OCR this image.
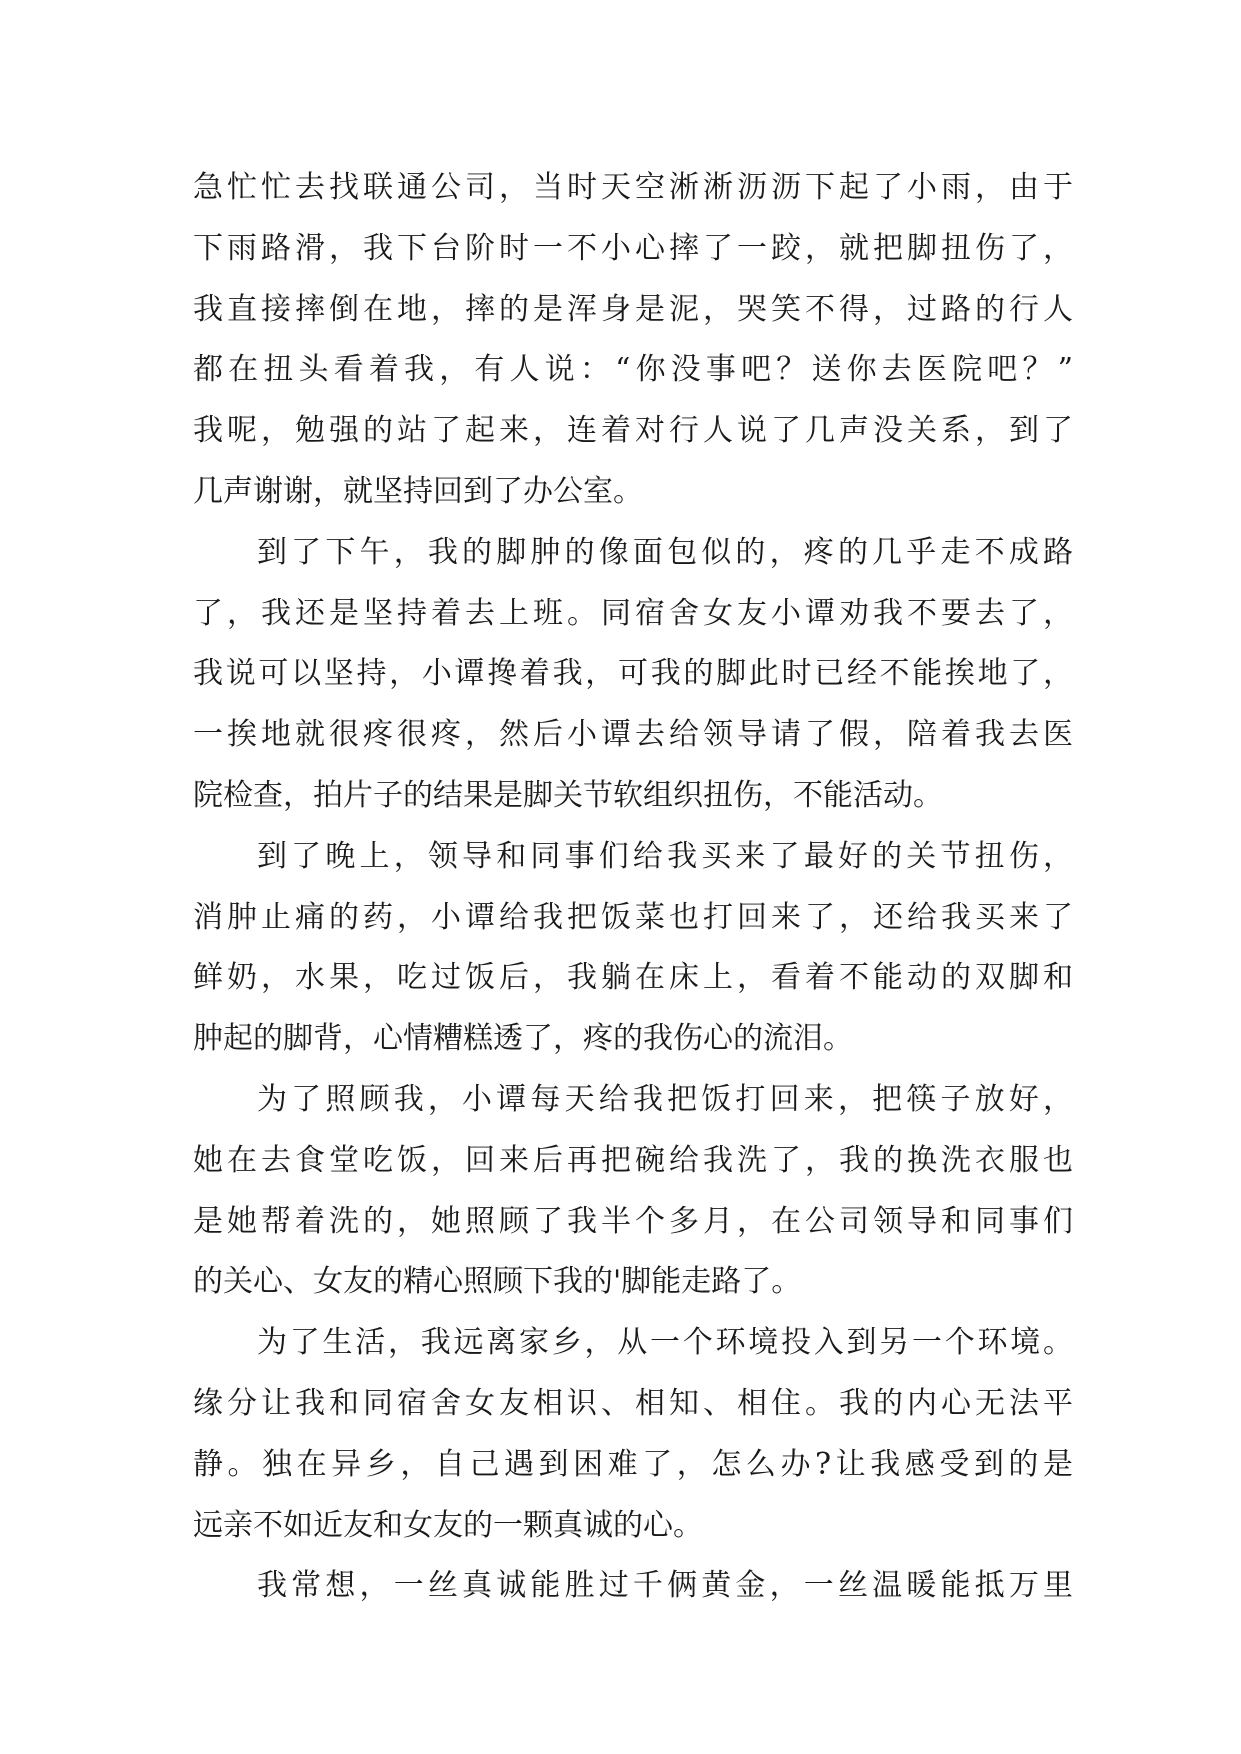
急忙忙去找联通公司，当时天空淅淅沥沥下起了小雨，由于
下雨路滑，我下台阶时一不小心摔了一跤，就把脚扭伤了，
我直接摔倒在地，摔的是浑身是泥，哭笑不得，过路的行人
都在扭头看着我，有人说：“你没事吧？送你去医院吧？”
我呢，勉强的站了起来，连着对行人说了几声没关系，到了
几声谢谢，就坚持回到了办公室。
到了下午，我的脚肿的像面包似的，疼的几乎走不成路
了，我还是坚持着去上班。同宿舍女友小谭劝我不要去了，
我说可以坚持，小谭搀着我，可我的脚此时已经不能挨地了，
一挨地就很疼很疼，然后小谭去给领导请了假，陪着我去医
院检查，拍片子的结果是脚关节软组织扭伤，不能活动。
到了晚上，领导和同事们给我买来了最好的关节扭伤，
消肿止痛的药，小谭给我把饭菜也打回来了，还给我买来了
鲜奶，水果，吃过饭后，我躺在床上，看着不能动的双脚和
肿起的脚背，心情糟糕透了，疼的我伤心的流泪。
为了照顾我，小谭每天给我把饭打回来，把筷子放好，
她在去食堂吃饭，回来后再把碗给我洗了，我的换洗衣服也
是她帮着洗的，她照顾了我半个多月，在公司领导和同事们
的关心、女友的精心照顾下我的'脚能走路了。
为了生活，我远离家乡，从一个环境投入到另一个环境。
缘分让我和同宿舍女友相识、相知、相住。我的内心无法平
静。独在异乡，自己遇到困难了，怎么办?让我感受到的是
远亲不如近友和女友的一颗真诚的心。
我常想，一丝真诚能胜过千俩黄金，一丝温暖能抵万里
